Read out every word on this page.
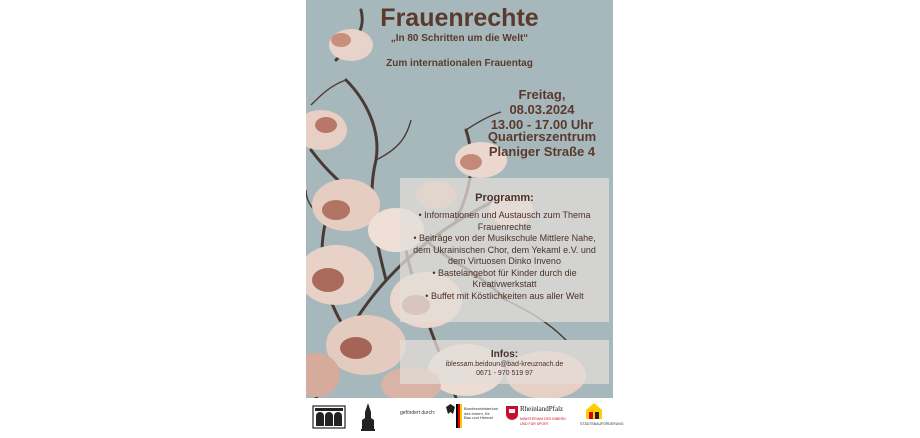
Frauenrechte
„In 80 Schritten um die Welt“
Zum internationalen Frauentag
Freitag, 08.03.2024
13.00 - 17.00 Uhr
Quartierszentrum
Planiger Straße 4
Programm:
• Informationen und Austausch zum Thema Frauenrechte
• Beiträge von der Musikschule Mittlere Nahe, dem Ukrainischen Chor, dem Yekaml e.V. und dem Virtuosen Dinko Inveno
• Bastelangebot für Kinder durch die Kreativwerkstatt
• Buffet mit Köstlichkeiten aus aller Welt
Infos:
iblessam.beidoun@bad-kreuznach.de
0671 - 970 519 97
gefördert durch:
Bundesministerium des Innern, für Bau und Heimat
RheinlandPfalz
MINISTERIUM DES INNERN UND FÜR SPORT	STÄDTEBAUFÖRDERUNG
